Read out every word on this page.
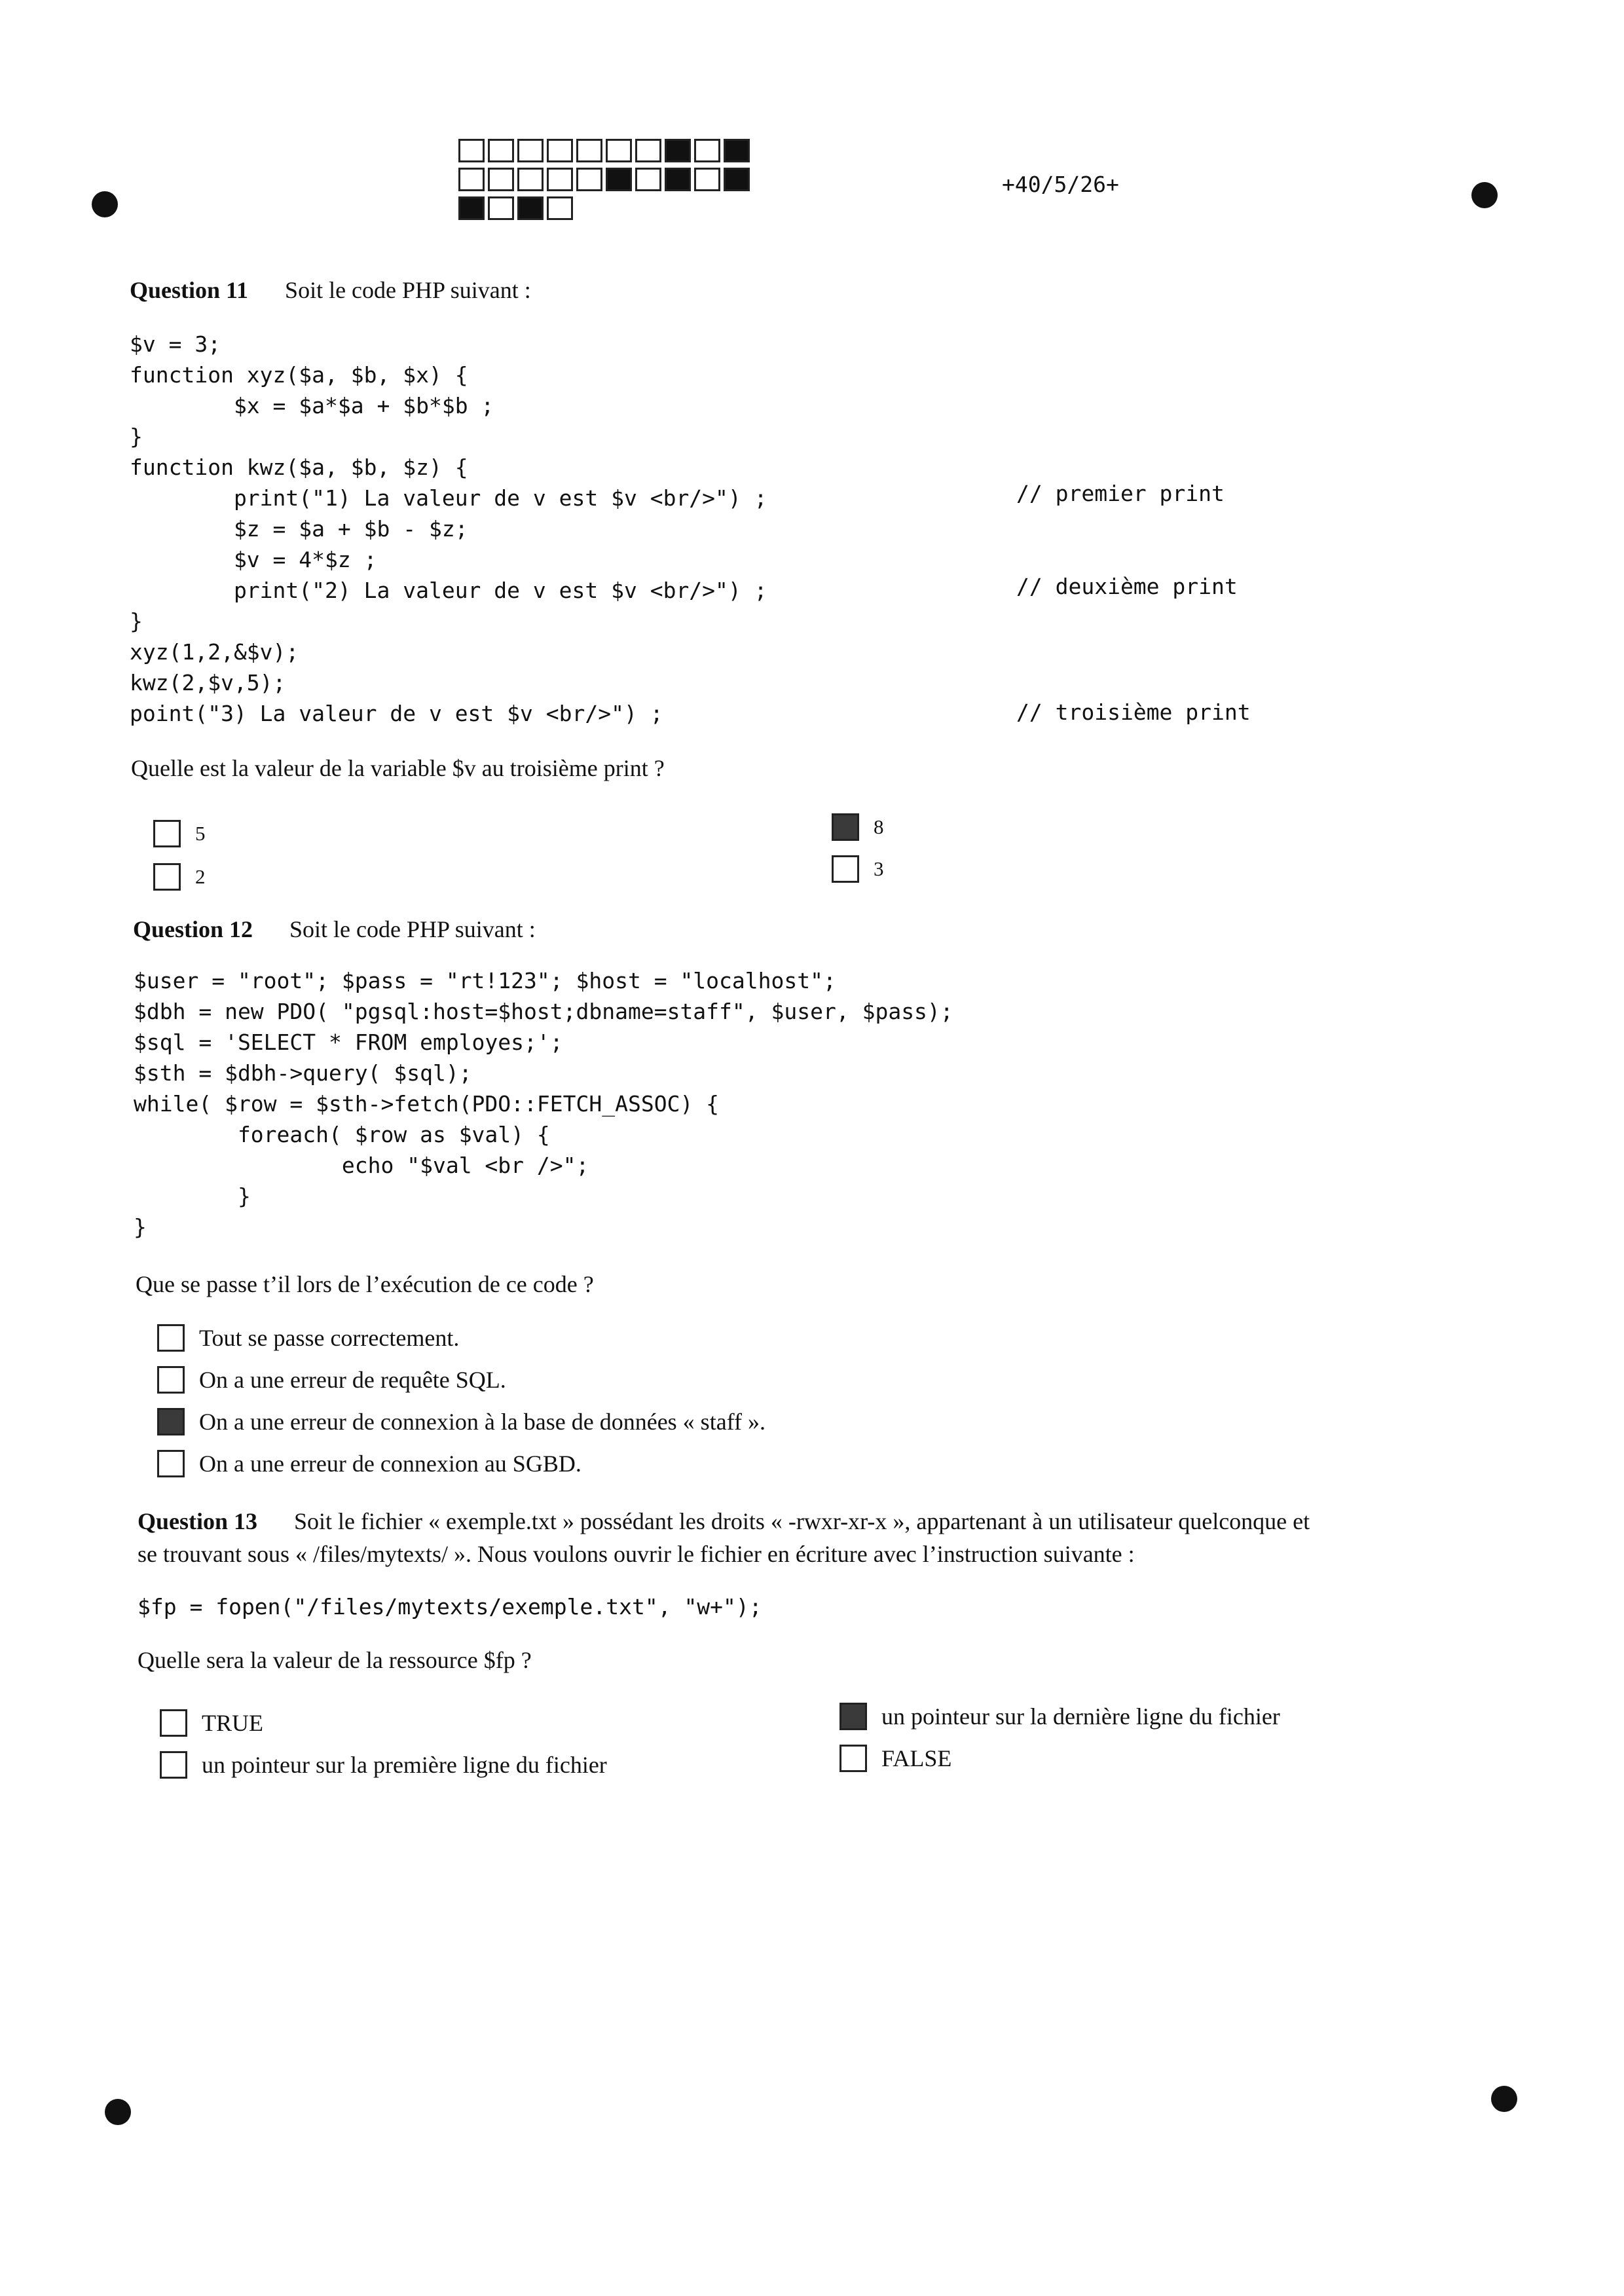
+40/5/26+
Question 11 Soit le code PHP suivant :
$v = 3;
function xyz($a, $b, $x) {
$x = $a*$a + $b*$b ;
}
function kwz($a, $b, $z) {
print("1) La valeur de v est $v <br/>") ;
$z = $a + $b - $z;
$v = 4*$z ;
print("2) La valeur de v est $v <br/>") ;
}
xyz(1,2,&$v);
kwz(2,$v,5);
point("3) La valeur de v est $v <br/>") ;
// premier print
// deuxième print
// troisième print
Quelle est la valeur de la variable $v au troisième print ?
5
2
8
3
Question 12 Soit le code PHP suivant :
$user = "root"; $pass = "rt!123"; $host = "localhost";
$dbh = new PDO( "pgsql:host=$host;dbname=staff", $user, $pass);
$sql = 'SELECT * FROM employes;';
$sth = $dbh->query( $sql);
while( $row = $sth->fetch(PDO::FETCH_ASSOC) {
foreach( $row as $val) {
echo "$val <br />";
}
}
Que se passe t’il lors de l’exécution de ce code ?
Tout se passe correctement.
On a une erreur de requête SQL.
On a une erreur de connexion à la base de données « staff ».
On a une erreur de connexion au SGBD.
Question 13 Soit le fichier « exemple.txt » possédant les droits « -rwxr-xr-x », appartenant à un utilisateur quelconque et
se trouvant sous « /files/mytexts/ ». Nous voulons ouvrir le fichier en écriture avec l’instruction suivante :
$fp = fopen("/files/mytexts/exemple.txt", "w+");
Quelle sera la valeur de la ressource $fp ?
TRUE
un pointeur sur la première ligne du fichier
un pointeur sur la dernière ligne du fichier
FALSE
